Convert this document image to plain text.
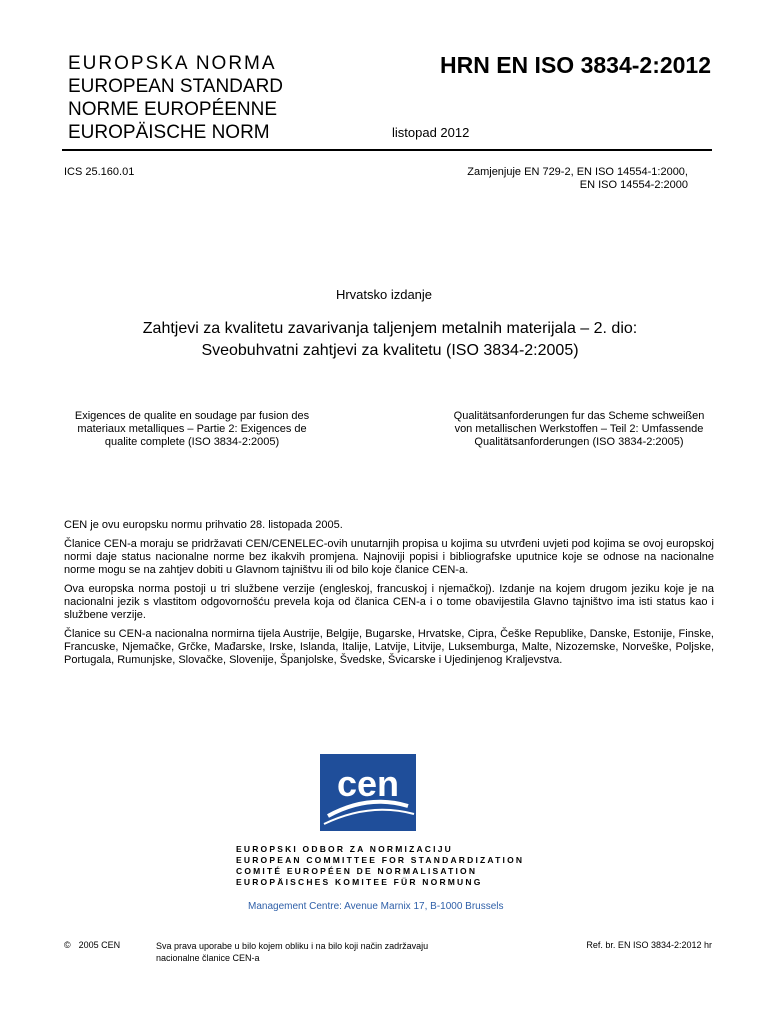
EUROPSKA NORMA
EUROPEAN STANDARD
NORME EUROPÉENNE
EUROPÄISCHE NORM
HRN EN ISO 3834-2:2012
listopad 2012
ICS 25.160.01	Zamjenjuje EN 729-2, EN ISO 14554-1:2000,
EN ISO 14554-2:2000
Hrvatsko izdanje
Zahtjevi za kvalitetu zavarivanja taljenjem metalnih materijala – 2. dio:
Sveobuhvatni zahtjevi za kvalitetu (ISO 3834-2:2005)
Exigences de qualite en soudage par fusion des materiaux metalliques – Partie 2: Exigences de qualite complete (ISO 3834-2:2005)
Qualitätsanforderungen fur das Scheme schweißen von metallischen Werkstoffen – Teil 2: Umfassende Qualitätsanforderungen (ISO 3834-2:2005)

CEN je ovu europsku normu prihvatio 28. listopada 2005.

Članice CEN-a moraju se pridržavati CEN/CENELEC-ovih unutarnjih propisa u kojima su utvrđeni uvjeti pod kojima se ovoj europskoj normi daje status nacionalne norme bez ikakvih promjena. Najnoviji popisi i bibliografske uputnice koje se odnose na nacionalne norme mogu se na zahtjev dobiti u Glavnom tajništvu ili od bilo koje članice CEN-a.

Ova europska norma postoji u tri službene verzije (engleskoj, francuskoj i njemačkoj). Izdanje na kojem drugom jeziku koje je na nacionalni jezik s vlastitom odgovornošću prevela koja od članica CEN-a i o tome obavijestila Glavno tajništvo ima isti status kao i službene verzije.

Članice su CEN-a nacionalna normirna tijela Austrije, Belgije, Bugarske, Hrvatske, Cipra, Češke Republike, Danske, Estonije, Finske, Francuske, Njemačke, Grčke, Mađarske, Irske, Islanda, Italije, Latvije, Litvije, Luksemburga, Malte, Nizozemske, Norveške, Poljske, Portugala, Rumunjske, Slovačke, Slovenije, Španjolske, Švedske, Švicarske i Ujedinjenog Kraljevstva.

cen
EUROPSKI ODBOR ZA NORMIZACIJU
EUROPEAN COMMITTEE FOR STANDARDIZATION
COMITÉ EUROPÉEN DE NORMALISATION
EUROPÄISCHES KOMITEE FÜR NORMUNG
Management Centre: Avenue Marnix 17, B-1000 Brussels
© 2005 CEN	Sva prava uporabe u bilo kojem obliku i na bilo koji način zadržavaju nacionalne članice CEN-a
Ref. br. EN ISO 3834-2:2012 hr
